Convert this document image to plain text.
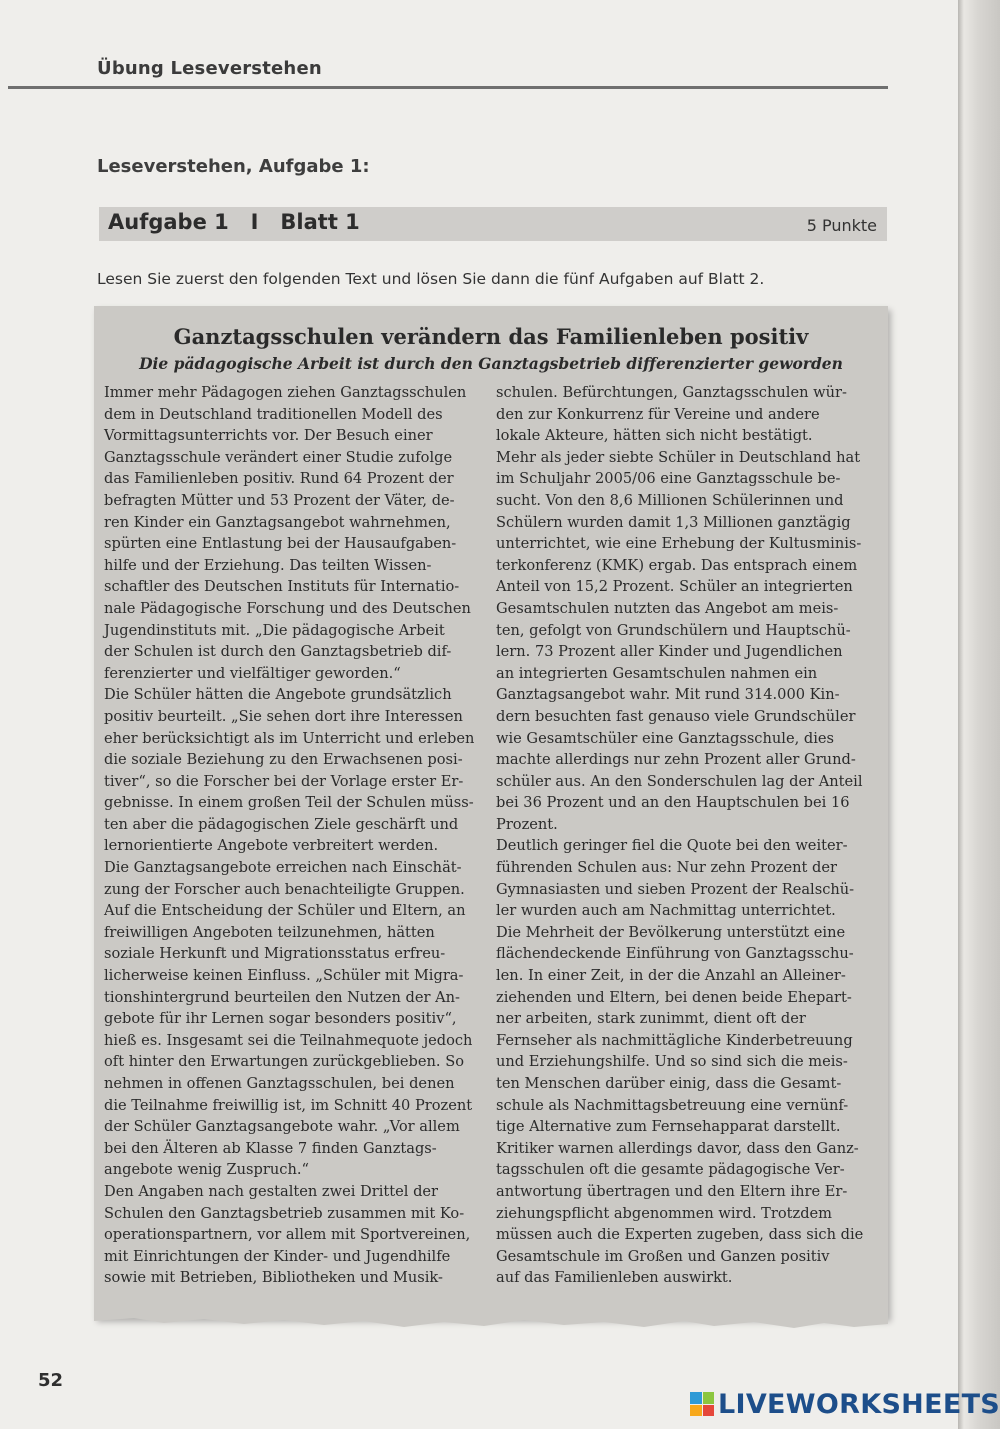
Übung Leseverstehen
Leseverstehen, Aufgabe 1:
Aufgabe 1   I   Blatt 1	5 Punkte
Lesen Sie zuerst den folgenden Text und lösen Sie dann die fünf Aufgaben auf Blatt 2.
Ganztagsschulen verändern das Familienleben positiv
Die pädagogische Arbeit ist durch den Ganztagsbetrieb differenzierter geworden
Immer mehr Pädagogen ziehen Ganztagsschulen
dem in Deutschland traditionellen Modell des
Vormittagsunterrichts vor. Der Besuch einer
Ganztagsschule verändert einer Studie zufolge
das Familienleben positiv. Rund 64 Prozent der
befragten Mütter und 53 Prozent der Väter, de-
ren Kinder ein Ganztagsangebot wahrnehmen,
spürten eine Entlastung bei der Hausaufgaben-
hilfe und der Erziehung. Das teilten Wissen-
schaftler des Deutschen Instituts für Internatio-
nale Pädagogische Forschung und des Deutschen
Jugendinstituts mit. „Die pädagogische Arbeit
der Schulen ist durch den Ganztagsbetrieb dif-
ferenzierter und vielfältiger geworden.“
Die Schüler hätten die Angebote grundsätzlich
positiv beurteilt. „Sie sehen dort ihre Interessen
eher berücksichtigt als im Unterricht und erleben
die soziale Beziehung zu den Erwachsenen posi-
tiver“, so die Forscher bei der Vorlage erster Er-
gebnisse. In einem großen Teil der Schulen müss-
ten aber die pädagogischen Ziele geschärft und
lernorientierte Angebote verbreitert werden.
Die Ganztagsangebote erreichen nach Einschät-
zung der Forscher auch benachteiligte Gruppen.
Auf die Entscheidung der Schüler und Eltern, an
freiwilligen Angeboten teilzunehmen, hätten
soziale Herkunft und Migrationsstatus erfreu-
licherweise keinen Einfluss. „Schüler mit Migra-
tionshintergrund beurteilen den Nutzen der An-
gebote für ihr Lernen sogar besonders positiv“,
hieß es. Insgesamt sei die Teilnahmequote jedoch
oft hinter den Erwartungen zurückgeblieben. So
nehmen in offenen Ganztagsschulen, bei denen
die Teilnahme freiwillig ist, im Schnitt 40 Prozent
der Schüler Ganztagsangebote wahr. „Vor allem
bei den Älteren ab Klasse 7 finden Ganztags-
angebote wenig Zuspruch.“
Den Angaben nach gestalten zwei Drittel der
Schulen den Ganztagsbetrieb zusammen mit Ko-
operationspartnern, vor allem mit Sportvereinen,
mit Einrichtungen der Kinder- und Jugendhilfe
sowie mit Betrieben, Bibliotheken und Musik-
schulen. Befürchtungen, Ganztagsschulen wür-
den zur Konkurrenz für Vereine und andere
lokale Akteure, hätten sich nicht bestätigt.
Mehr als jeder siebte Schüler in Deutschland hat
im Schuljahr 2005/06 eine Ganztagsschule be-
sucht. Von den 8,6 Millionen Schülerinnen und
Schülern wurden damit 1,3 Millionen ganztägig
unterrichtet, wie eine Erhebung der Kultusminis-
terkonferenz (KMK) ergab. Das entsprach einem
Anteil von 15,2 Prozent. Schüler an integrierten
Gesamtschulen nutzten das Angebot am meis-
ten, gefolgt von Grundschülern und Hauptschü-
lern. 73 Prozent aller Kinder und Jugendlichen
an integrierten Gesamtschulen nahmen ein
Ganztagsangebot wahr. Mit rund 314.000 Kin-
dern besuchten fast genauso viele Grundschüler
wie Gesamtschüler eine Ganztagsschule, dies
machte allerdings nur zehn Prozent aller Grund-
schüler aus. An den Sonderschulen lag der Anteil
bei 36 Prozent und an den Hauptschulen bei 16
Prozent.
Deutlich geringer fiel die Quote bei den weiter-
führenden Schulen aus: Nur zehn Prozent der
Gymnasiasten und sieben Prozent der Realschü-
ler wurden auch am Nachmittag unterrichtet.
Die Mehrheit der Bevölkerung unterstützt eine
flächendeckende Einführung von Ganztagsschu-
len. In einer Zeit, in der die Anzahl an Alleiner-
ziehenden und Eltern, bei denen beide Ehepart-
ner arbeiten, stark zunimmt, dient oft der
Fernseher als nachmittägliche Kinderbetreuung
und Erziehungshilfe. Und so sind sich die meis-
ten Menschen darüber einig, dass die Gesamt-
schule als Nachmittagsbetreuung eine vernünf-
tige Alternative zum Fernsehapparat darstellt.
Kritiker warnen allerdings davor, dass den Ganz-
tagsschulen oft die gesamte pädagogische Ver-
antwortung übertragen und den Eltern ihre Er-
ziehungspflicht abgenommen wird. Trotzdem
müssen auch die Experten zugeben, dass sich die
Gesamtschule im Großen und Ganzen positiv
auf das Familienleben auswirkt.
52
LIVEWORKSHEETS
